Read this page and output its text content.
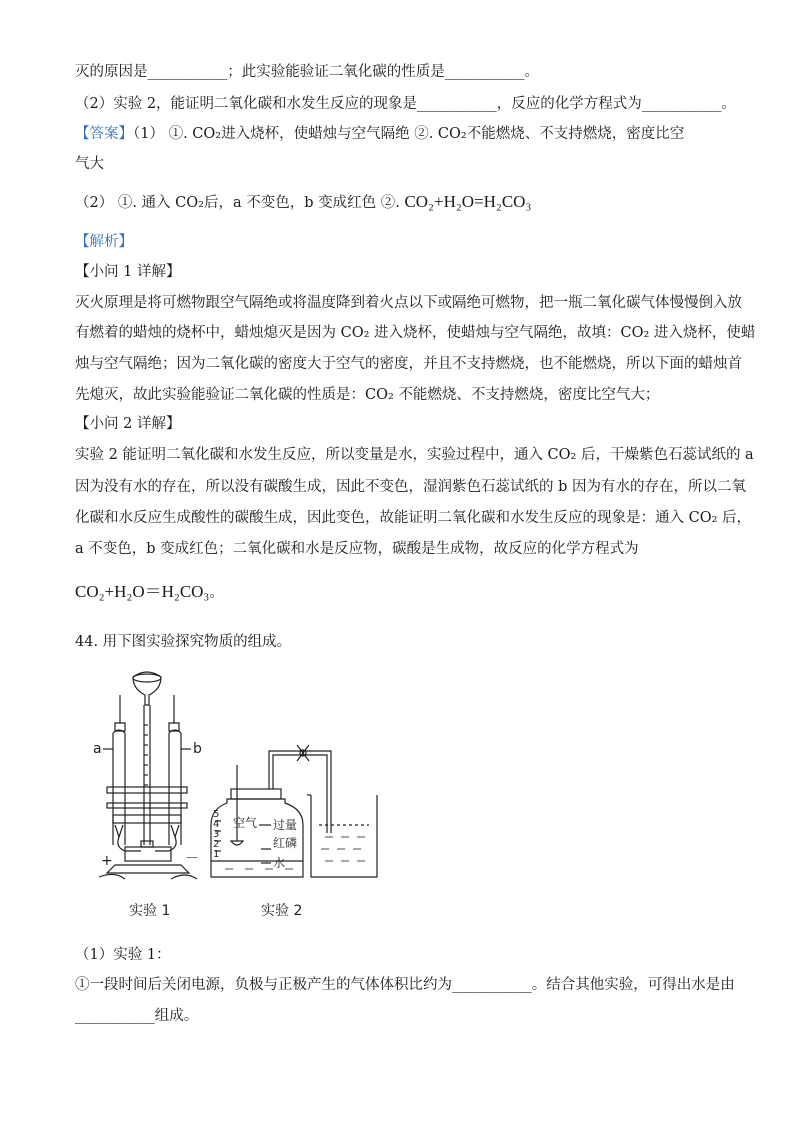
灭的原因是___________；此实验能验证二氧化碳的性质是___________。
（2）实验 2，能证明二氧化碳和水发生反应的现象是___________，反应的化学方程式为___________。
【答案】（1） ①. CO₂进入烧杯，使蜡烛与空气隔绝 ②. CO₂不能燃烧、不支持燃烧，密度比空
气大
（2） ①. 通入 CO₂后，a 不变色，b 变成红色 ②. CO₂+H₂O=H₂CO₃
【解析】
【小问 1 详解】
灭火原理是将可燃物跟空气隔绝或将温度降到着火点以下或隔绝可燃物，把一瓶二氧化碳气体慢慢倒入放
有燃着的蜡烛的烧杯中，蜡烛熄灭是因为 CO₂ 进入烧杯，使蜡烛与空气隔绝，故填：CO₂ 进入烧杯，使蜡
烛与空气隔绝；因为二氧化碳的密度大于空气的密度，并且不支持燃烧，也不能燃烧，所以下面的蜡烛首
先熄灭，故此实验能验证二氧化碳的性质是：CO₂ 不能燃烧、不支持燃烧，密度比空气大；
【小问 2 详解】
实验 2 能证明二氧化碳和水发生反应，所以变量是水，实验过程中，通入 CO₂ 后，干燥紫色石蕊试纸的 a
因为没有水的存在，所以没有碳酸生成，因此不变色，湿润紫色石蕊试纸的 b 因为有水的存在，所以二氧
化碳和水反应生成酸性的碳酸生成，因此变色，故能证明二氧化碳和水发生反应的现象是：通入 CO₂ 后，
a 不变色，b 变成红色；二氧化碳和水是反应物，碳酸是生成物，故反应的化学方程式为
CO₂+H₂O＝H₂CO₃。
44. 用下图实验探究物质的组成。
a	b
+	－
空气 过量
红磷
水
5
4
3
2
1
实验 1	实验 2
（1）实验 1：
①一段时间后关闭电源，负极与正极产生的气体体积比约为___________。结合其他实验，可得出水是由
___________组成。
